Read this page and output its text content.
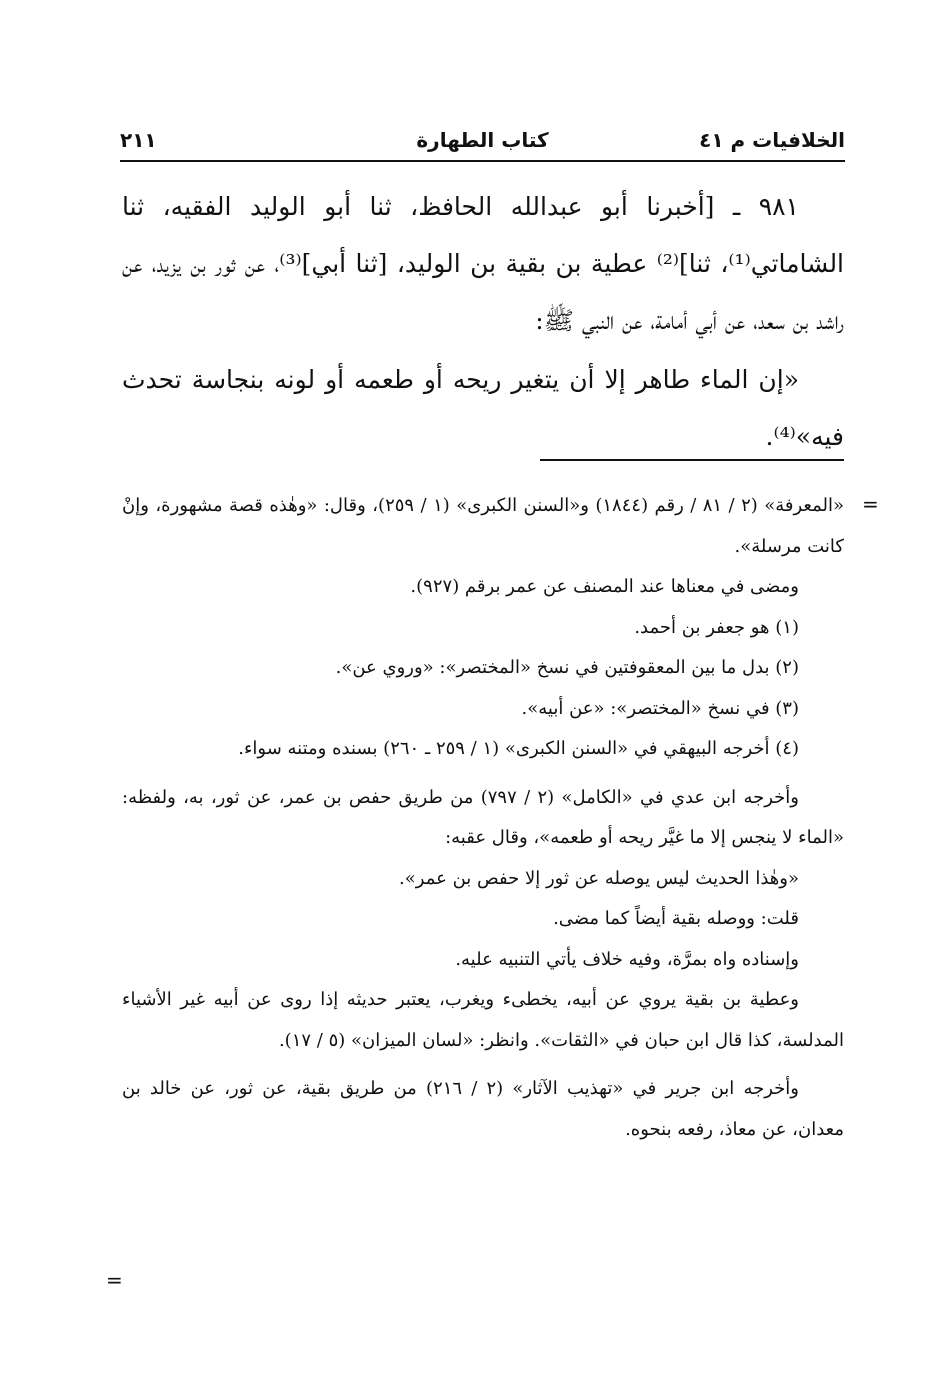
الخلافيات م ٤١
كتاب الطهارة
٢١١

٩٨١ ـ [أخبرنا أبو عبدالله الحافظ، ثنا أبو الوليد الفقيه، ثنا الشاماتي⁽¹⁾، ثنا]⁽²⁾ عطية بن بقية بن الوليد، [ثنا أبي]⁽³⁾، عن ثور بن يزيد، عن راشد بن سعد، عن أبي أمامة، عن النبي ﷺ:

«إن الماء طاهر إلا أن يتغير ريحه أو طعمه أو لونه بنجاسة تحدث فيه»⁽⁴⁾.

=

«المعرفة» (٢ / ٨١ / رقم (١٨٤٤) و«السنن الكبرى» (١ / ٢٥٩)، وقال: «وهٰذه قصة مشهورة، وإنْ كانت مرسلة».

ومضى في معناها عند المصنف عن عمر برقم (٩٢٧).

(١) هو جعفر بن أحمد.

(٢) بدل ما بين المعقوفتين في نسخ «المختصر»: «وروي عن».

(٣) في نسخ «المختصر»: «عن أبيه».

(٤) أخرجه البيهقي في «السنن الكبرى» (١ / ٢٥٩ ـ ٢٦٠) بسنده ومتنه سواء.

وأخرجه ابن عدي في «الكامل» (٢ / ٧٩٧) من طريق حفص بن عمر، عن ثور، به، ولفظه: «الماء لا ينجس إلا ما غيَّر ريحه أو طعمه»، وقال عقبه:

«وهٰذا الحديث ليس يوصله عن ثور إلا حفص بن عمر».

قلت: ووصله بقية أيضاً كما مضى.

وإسناده واه بمرَّة، وفيه خلاف يأتي التنبيه عليه.

وعطية بن بقية يروي عن أبيه، يخطىء ويغرب، يعتبر حديثه إذا روى عن أبيه غير الأشياء المدلسة، كذا قال ابن حبان في «الثقات». وانظر: «لسان الميزان» (٥ / ١٧).

وأخرجه ابن جرير في «تهذيب الآثار» (٢ / ٢١٦) من طريق بقية، عن ثور، عن خالد بن معدان، عن معاذ، رفعه بنحوه.

=
